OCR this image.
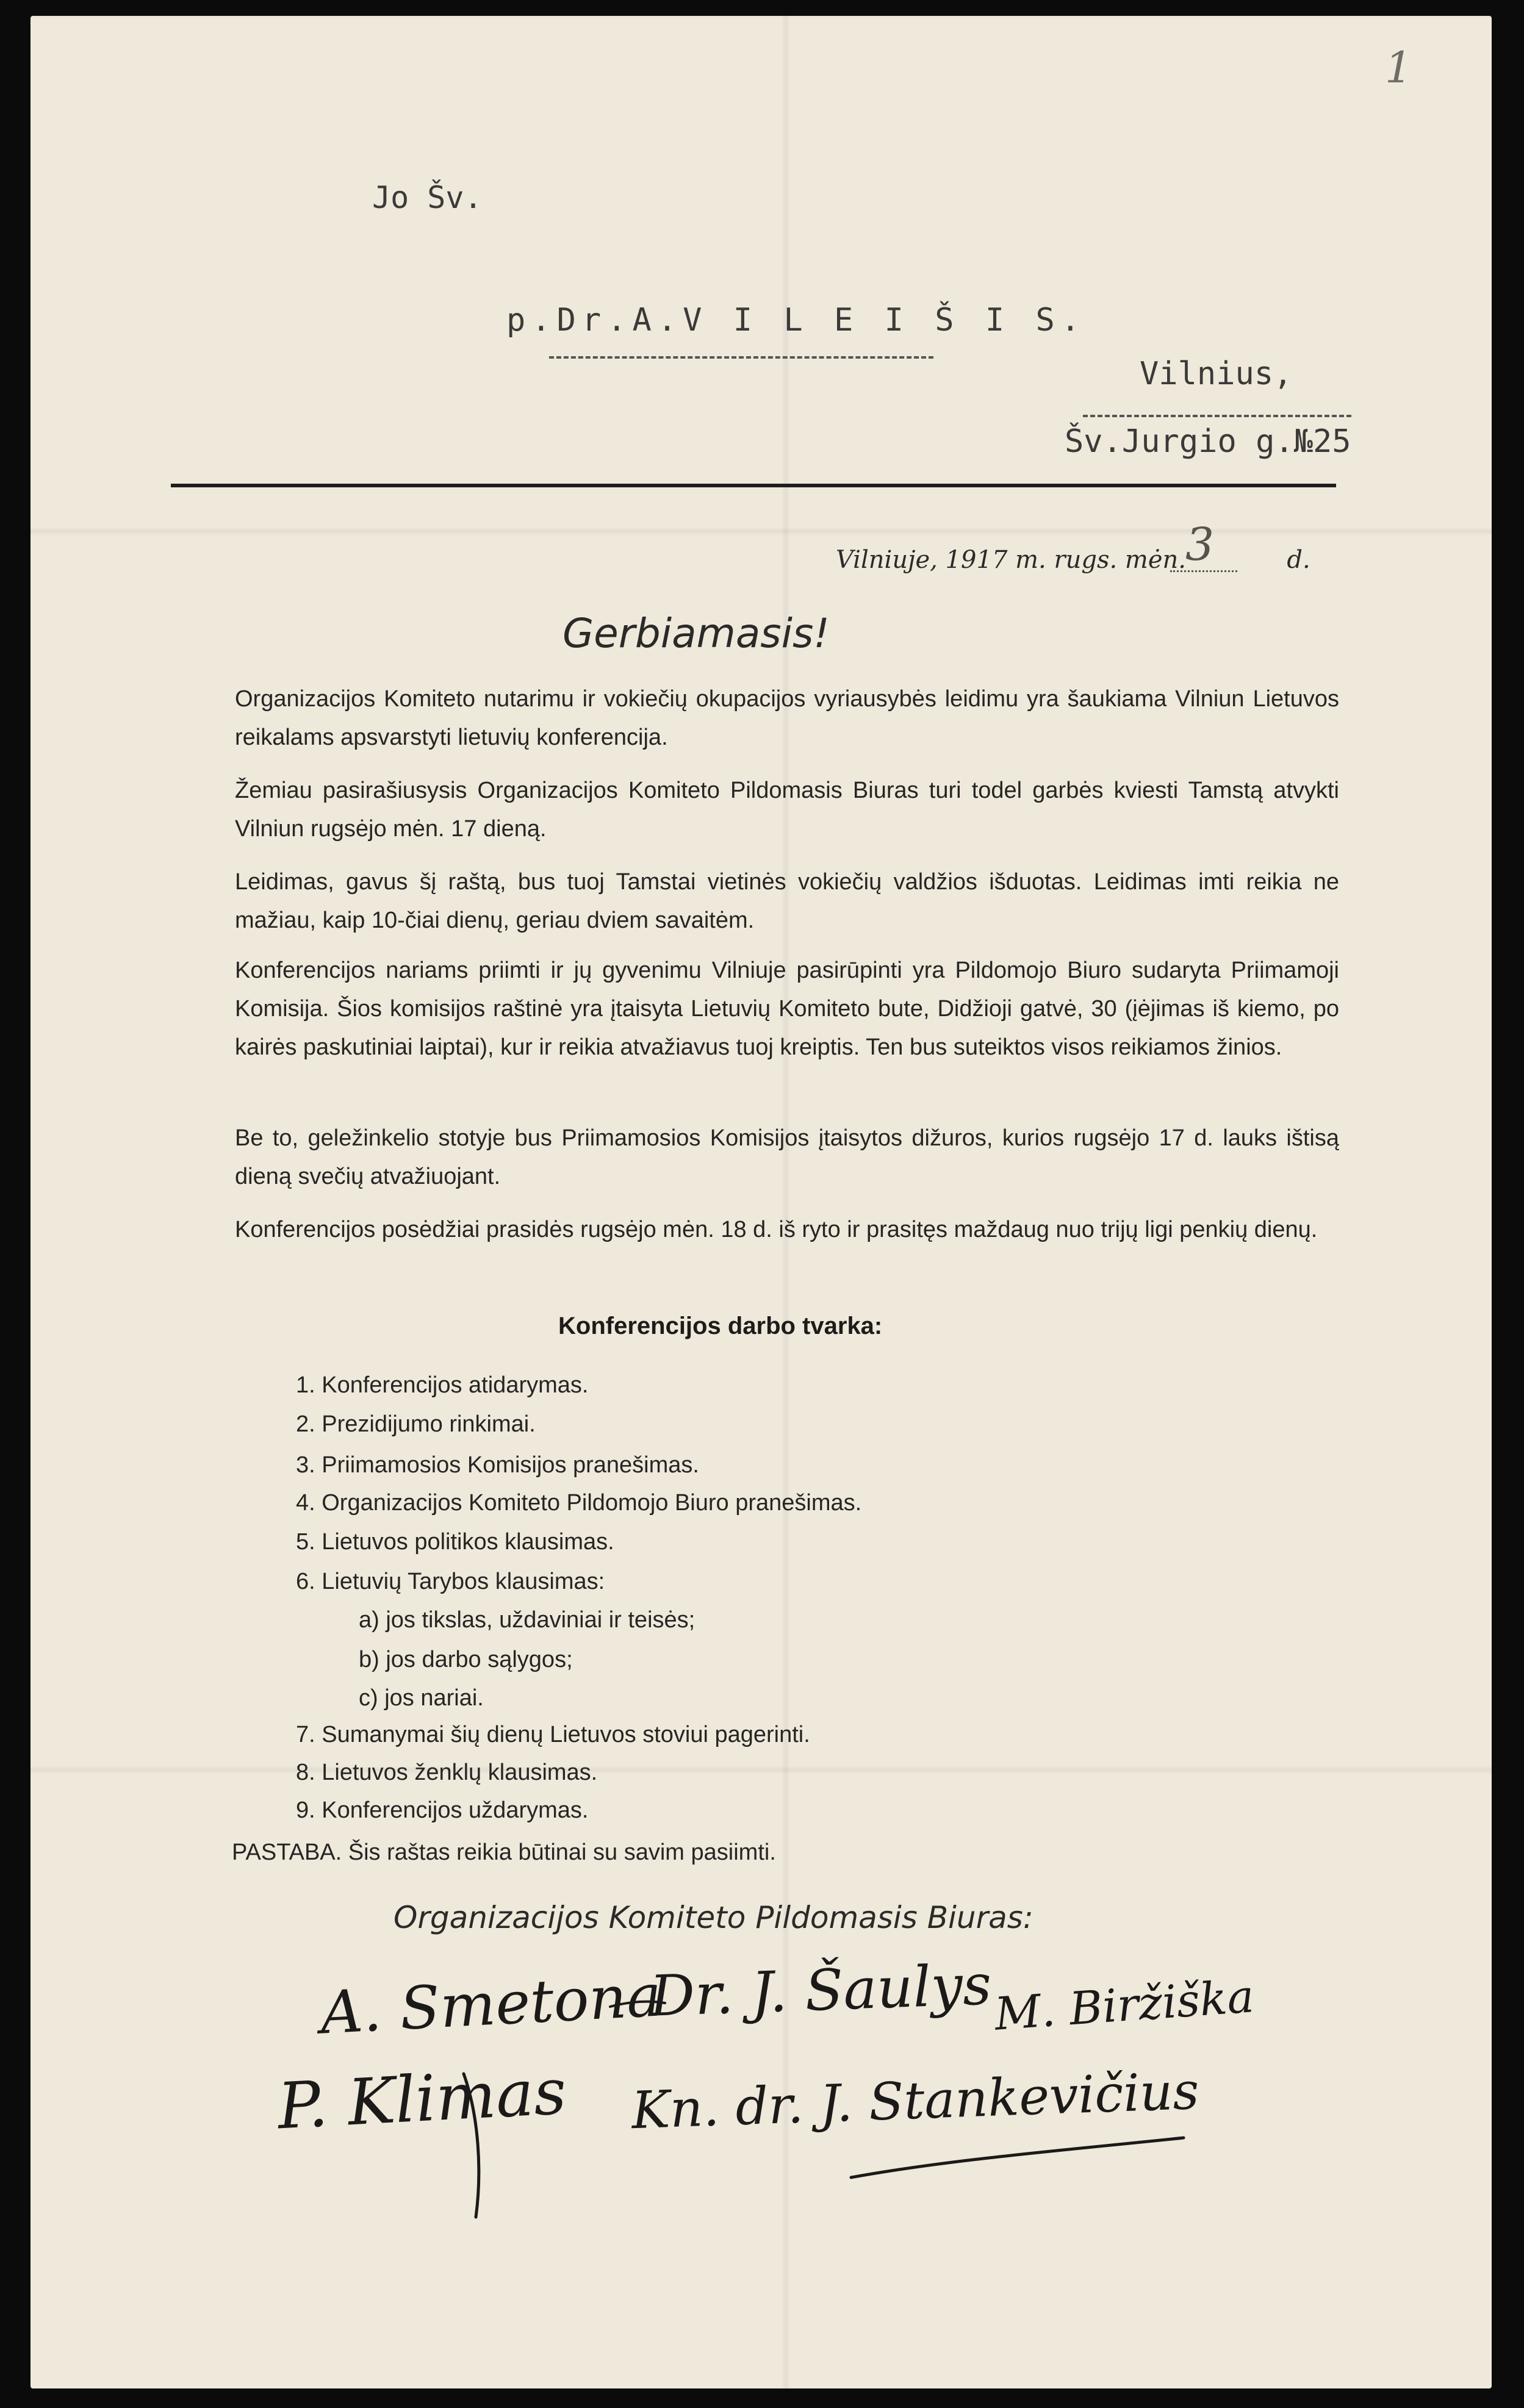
1
Jo Šv.
p.Dr.A.V I L E I Š I S.
Vilnius,
Šv.Jurgio g.№25
Vilniuje, 1917 m. rugs. mėn.	d.
3
Gerbiamasis!
Organizacijos Komiteto nutarimu ir vokiečių okupacijos vyriausybės leidimu yra šaukiama Vilniun Lietuvos reikalams apsvarstyti lietuvių konferencija.
Žemiau pasirašiusysis Organizacijos Komiteto Pildomasis Biuras turi todel garbės kviesti Tamstą atvykti Vilniun rugsėjo mėn. 17 dieną.
Leidimas, gavus šį raštą, bus tuoj Tamstai vietinės vokiečių valdžios išduotas. Leidimas imti reikia ne mažiau, kaip 10-čiai dienų, geriau dviem savaitėm.
Konferencijos nariams priimti ir jų gyvenimu Vilniuje pasirūpinti yra Pildomojo Biuro sudaryta Priimamoji Komisija. Šios komisijos raštinė yra įtaisyta Lietuvių Komiteto bute, Didžioji gatvė, 30 (įėjimas iš kiemo, po kairės paskutiniai laiptai), kur ir reikia atvažiavus tuoj kreiptis. Ten bus suteiktos visos reikiamos žinios.
Be to, geležinkelio stotyje bus Priimamosios Komisijos įtaisytos dižuros, kurios rugsėjo 17 d. lauks ištisą dieną svečių atvažiuojant.
Konferencijos posėdžiai prasidės rugsėjo mėn. 18 d. iš ryto ir prasitęs maždaug nuo trijų ligi penkių dienų.
Konferencijos darbo tvarka:
1. Konferencijos atidarymas.
2. Prezidijumo rinkimai.
3. Priimamosios Komisijos pranešimas.
4. Organizacijos Komiteto Pildomojo Biuro pranešimas.
5. Lietuvos politikos klausimas.
6. Lietuvių Tarybos klausimas:
a) jos tikslas, uždaviniai ir teisės;
b) jos darbo sąlygos;
c) jos nariai.
7. Sumanymai šių dienų Lietuvos stoviui pagerinti.
8. Lietuvos ženklų klausimas.
9. Konferencijos uždarymas.
PASTABA. Šis raštas reikia būtinai su savim pasiimti.
Organizacijos Komiteto Pildomasis Biuras:
A. Smetona
Dr. J. Šaulys M. Biržiška
P. Klimas Kn. dr. J. Stankevičius
